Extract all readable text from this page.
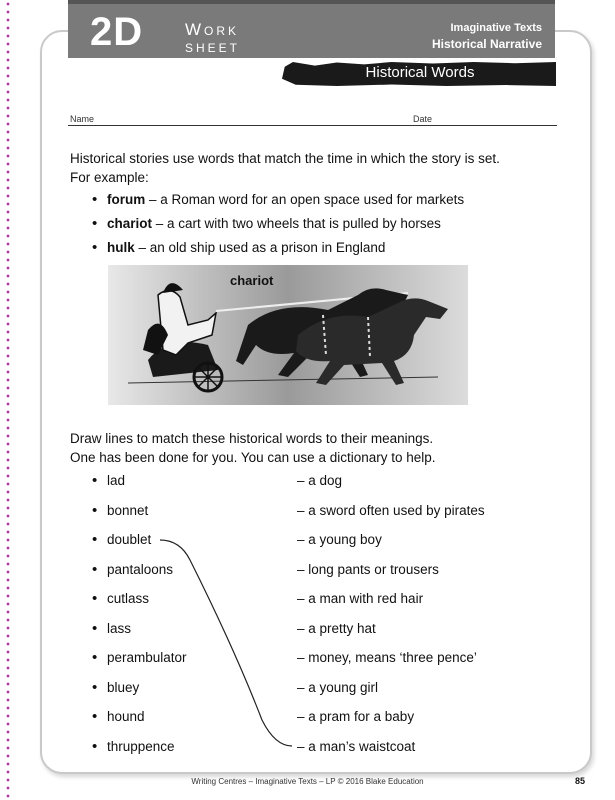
2D Work
sheet
Imaginative Texts
Historical Narrative
Historical Words
Name	Date
Historical stories use words that match the time in which the story is set.
For example:
• forum – a Roman word for an open space used for markets
• chariot – a cart with two wheels that is pulled by horses
• hulk – an old ship used as a prison in England
chariot
Draw lines to match these historical words to their meanings.
One has been done for you. You can use a dictionary to help.
• lad	– a dog
• bonnet	– a sword often used by pirates
• doublet	– a young boy
• pantaloons	– long pants or trousers
• cutlass	– a man with red hair
• lass	– a pretty hat
• perambulator	– money, means ‘three pence’
• bluey	– a young girl
• hound	– a pram for a baby
• thruppence	– a man’s waistcoat
Writing Centres – Imaginative Texts – LP © 2016 Blake Education	85
